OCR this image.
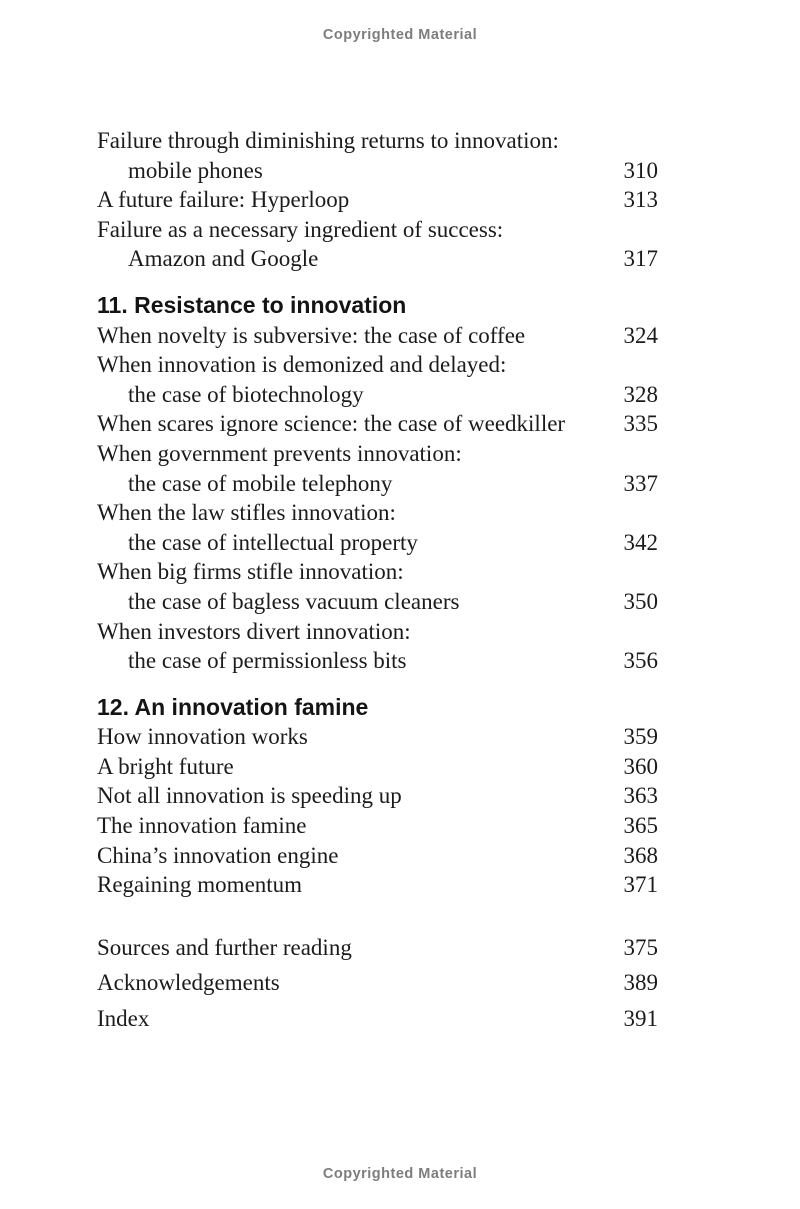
Copyrighted Material
Failure through diminishing returns to innovation:
mobile phones	310
A future failure: Hyperloop	313
Failure as a necessary ingredient of success:
Amazon and Google	317
11. Resistance to innovation
When novelty is subversive: the case of coffee	324
When innovation is demonized and delayed:
the case of biotechnology	328
When scares ignore science: the case of weedkiller	335
When government prevents innovation:
the case of mobile telephony	337
When the law stifles innovation:
the case of intellectual property	342
When big firms stifle innovation:
the case of bagless vacuum cleaners	350
When investors divert innovation:
the case of permissionless bits	356
12. An innovation famine
How innovation works	359
A bright future	360
Not all innovation is speeding up	363
The innovation famine	365
China’s innovation engine	368
Regaining momentum	371
Sources and further reading	375
Acknowledgements	389
Index	391
Copyrighted Material
